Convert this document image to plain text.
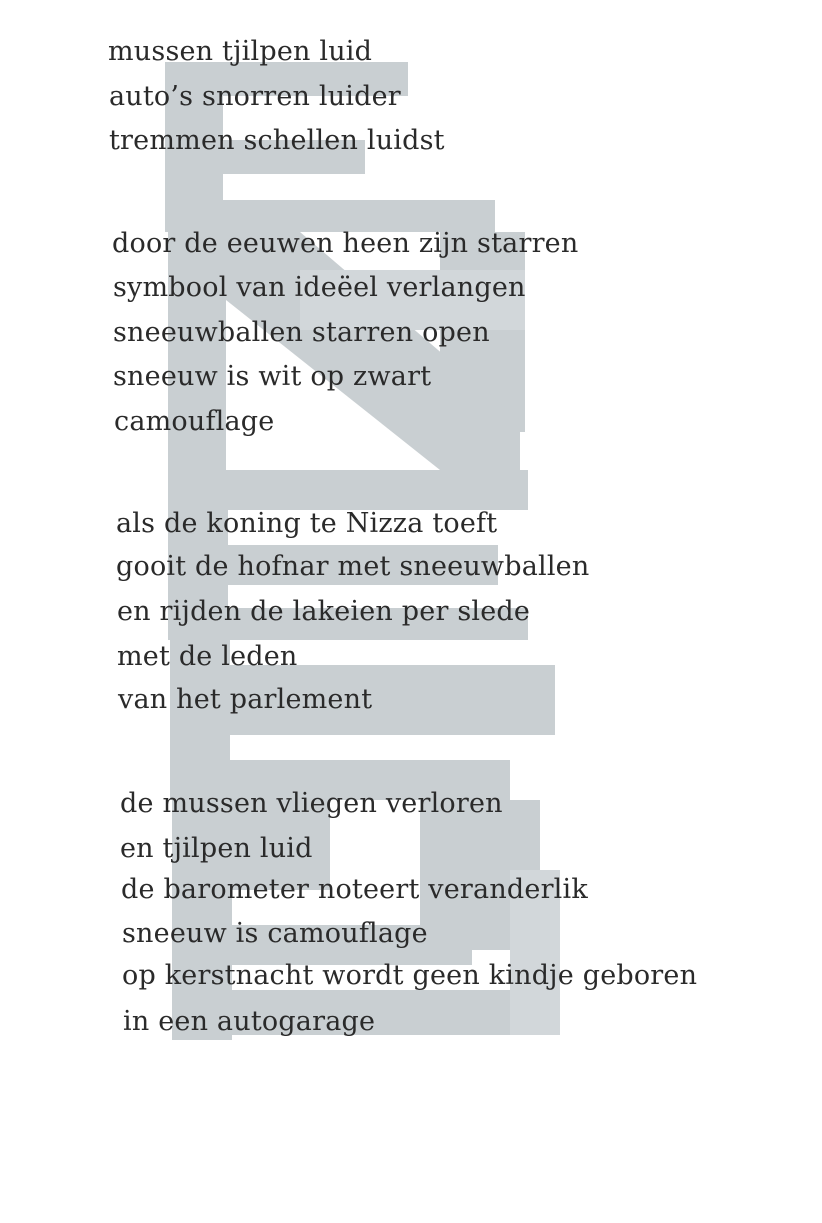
mussen tjilpen luid
auto’s snorren luider
tremmen schellen luidst
door de eeuwen heen zijn starren
symbool van ideëel verlangen
sneeuwballen starren open
sneeuw is wit op zwart
camouflage
als de koning te Nizza toeft
gooit de hofnar met sneeuwballen
en rijden de lakeien per slede
met de leden
van het parlement
de mussen vliegen verloren
en tjilpen luid
de barometer noteert veranderlik
sneeuw is camouflage
op kerstnacht wordt geen kindje geboren
in een autogarage
